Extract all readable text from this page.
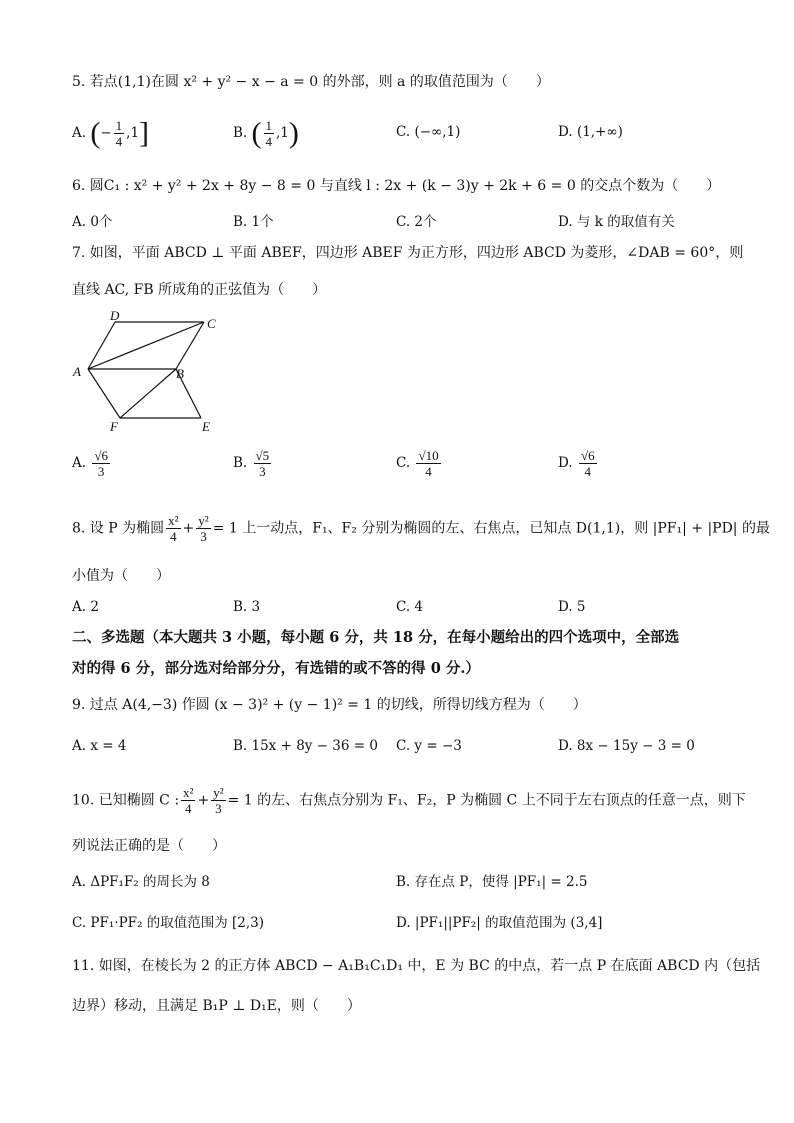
5. 若点(1,1)在圆 x² + y² − x − a = 0 的外部，则 a 的取值范围为（　　）
A. (− $\frac{1}{4} ,1$]	B. ( $\frac{1}{4} ,1$)	C. (−∞,1)	D. (1,+∞)
6. 圆C₁ : x² + y² + 2x + 8y − 8 = 0 与直线 l : 2x + (k − 3)y + 2k + 6 = 0 的交点个数为（　　）
A. 0个	B. 1个	C. 2个	D. 与 k 的取值有关
7. 如图，平面 ABCD ⊥ 平面 ABEF，四边形 ABEF 为正方形，四边形 ABCD 为菱形，∠DAB = 60°，则
直线 AC, FB 所成角的正弦值为（　　）
D
C
A	B
F	E
A. $\frac{√6}{3}$	B. $\frac{√5}{3}$	C. $\frac{√10}{4}$	D. $\frac{√6}{4}$
8. 设 P 为椭圆 $\frac{\text{x²}}{4} + \frac{\text{y²}}{3} = 1$ 上一动点，F₁、F₂ 分别为椭圆的左、右焦点，已知点 D(1,1)，则 |PF₁| + |PD| 的最
小值为（　　）
A. 2	B. 3	C. 4	D. 5
二、多选题（本大题共 3 小题，每小题 6 分，共 18 分，在每小题给出的四个选项中，全部选
对的得 6 分，部分选对给部分分，有选错的或不答的得 0 分.）
9. 过点 A(4,−3) 作圆 (x − 3)² + (y − 1)² = 1 的切线，所得切线方程为（　　）
A. x = 4	B. 15x + 8y − 36 = 0 C. y = −3	D. 8x − 15y − 3 = 0
10. 已知椭圆 C : $\frac{\text{x²}}{4} + \frac{\text{y²}}{3} = 1$ 的左、右焦点分别为 F₁、F₂，P 为椭圆 C 上不同于左右顶点的任意一点，则下
列说法正确的是（　　）
A. ΔPF₁F₂ 的周长为 8	B. 存在点 P，使得 |PF₁| = 2.5
C. PF₁·PF₂ 的取值范围为 [2,3)	D. |PF₁||PF₂| 的取值范围为 (3,4]
11. 如图，在棱长为 2 的正方体 ABCD − A₁B₁C₁D₁ 中，E 为 BC 的中点，若一点 P 在底面 ABCD 内（包括
边界）移动，且满足 B₁P ⊥ D₁E，则（　　）
